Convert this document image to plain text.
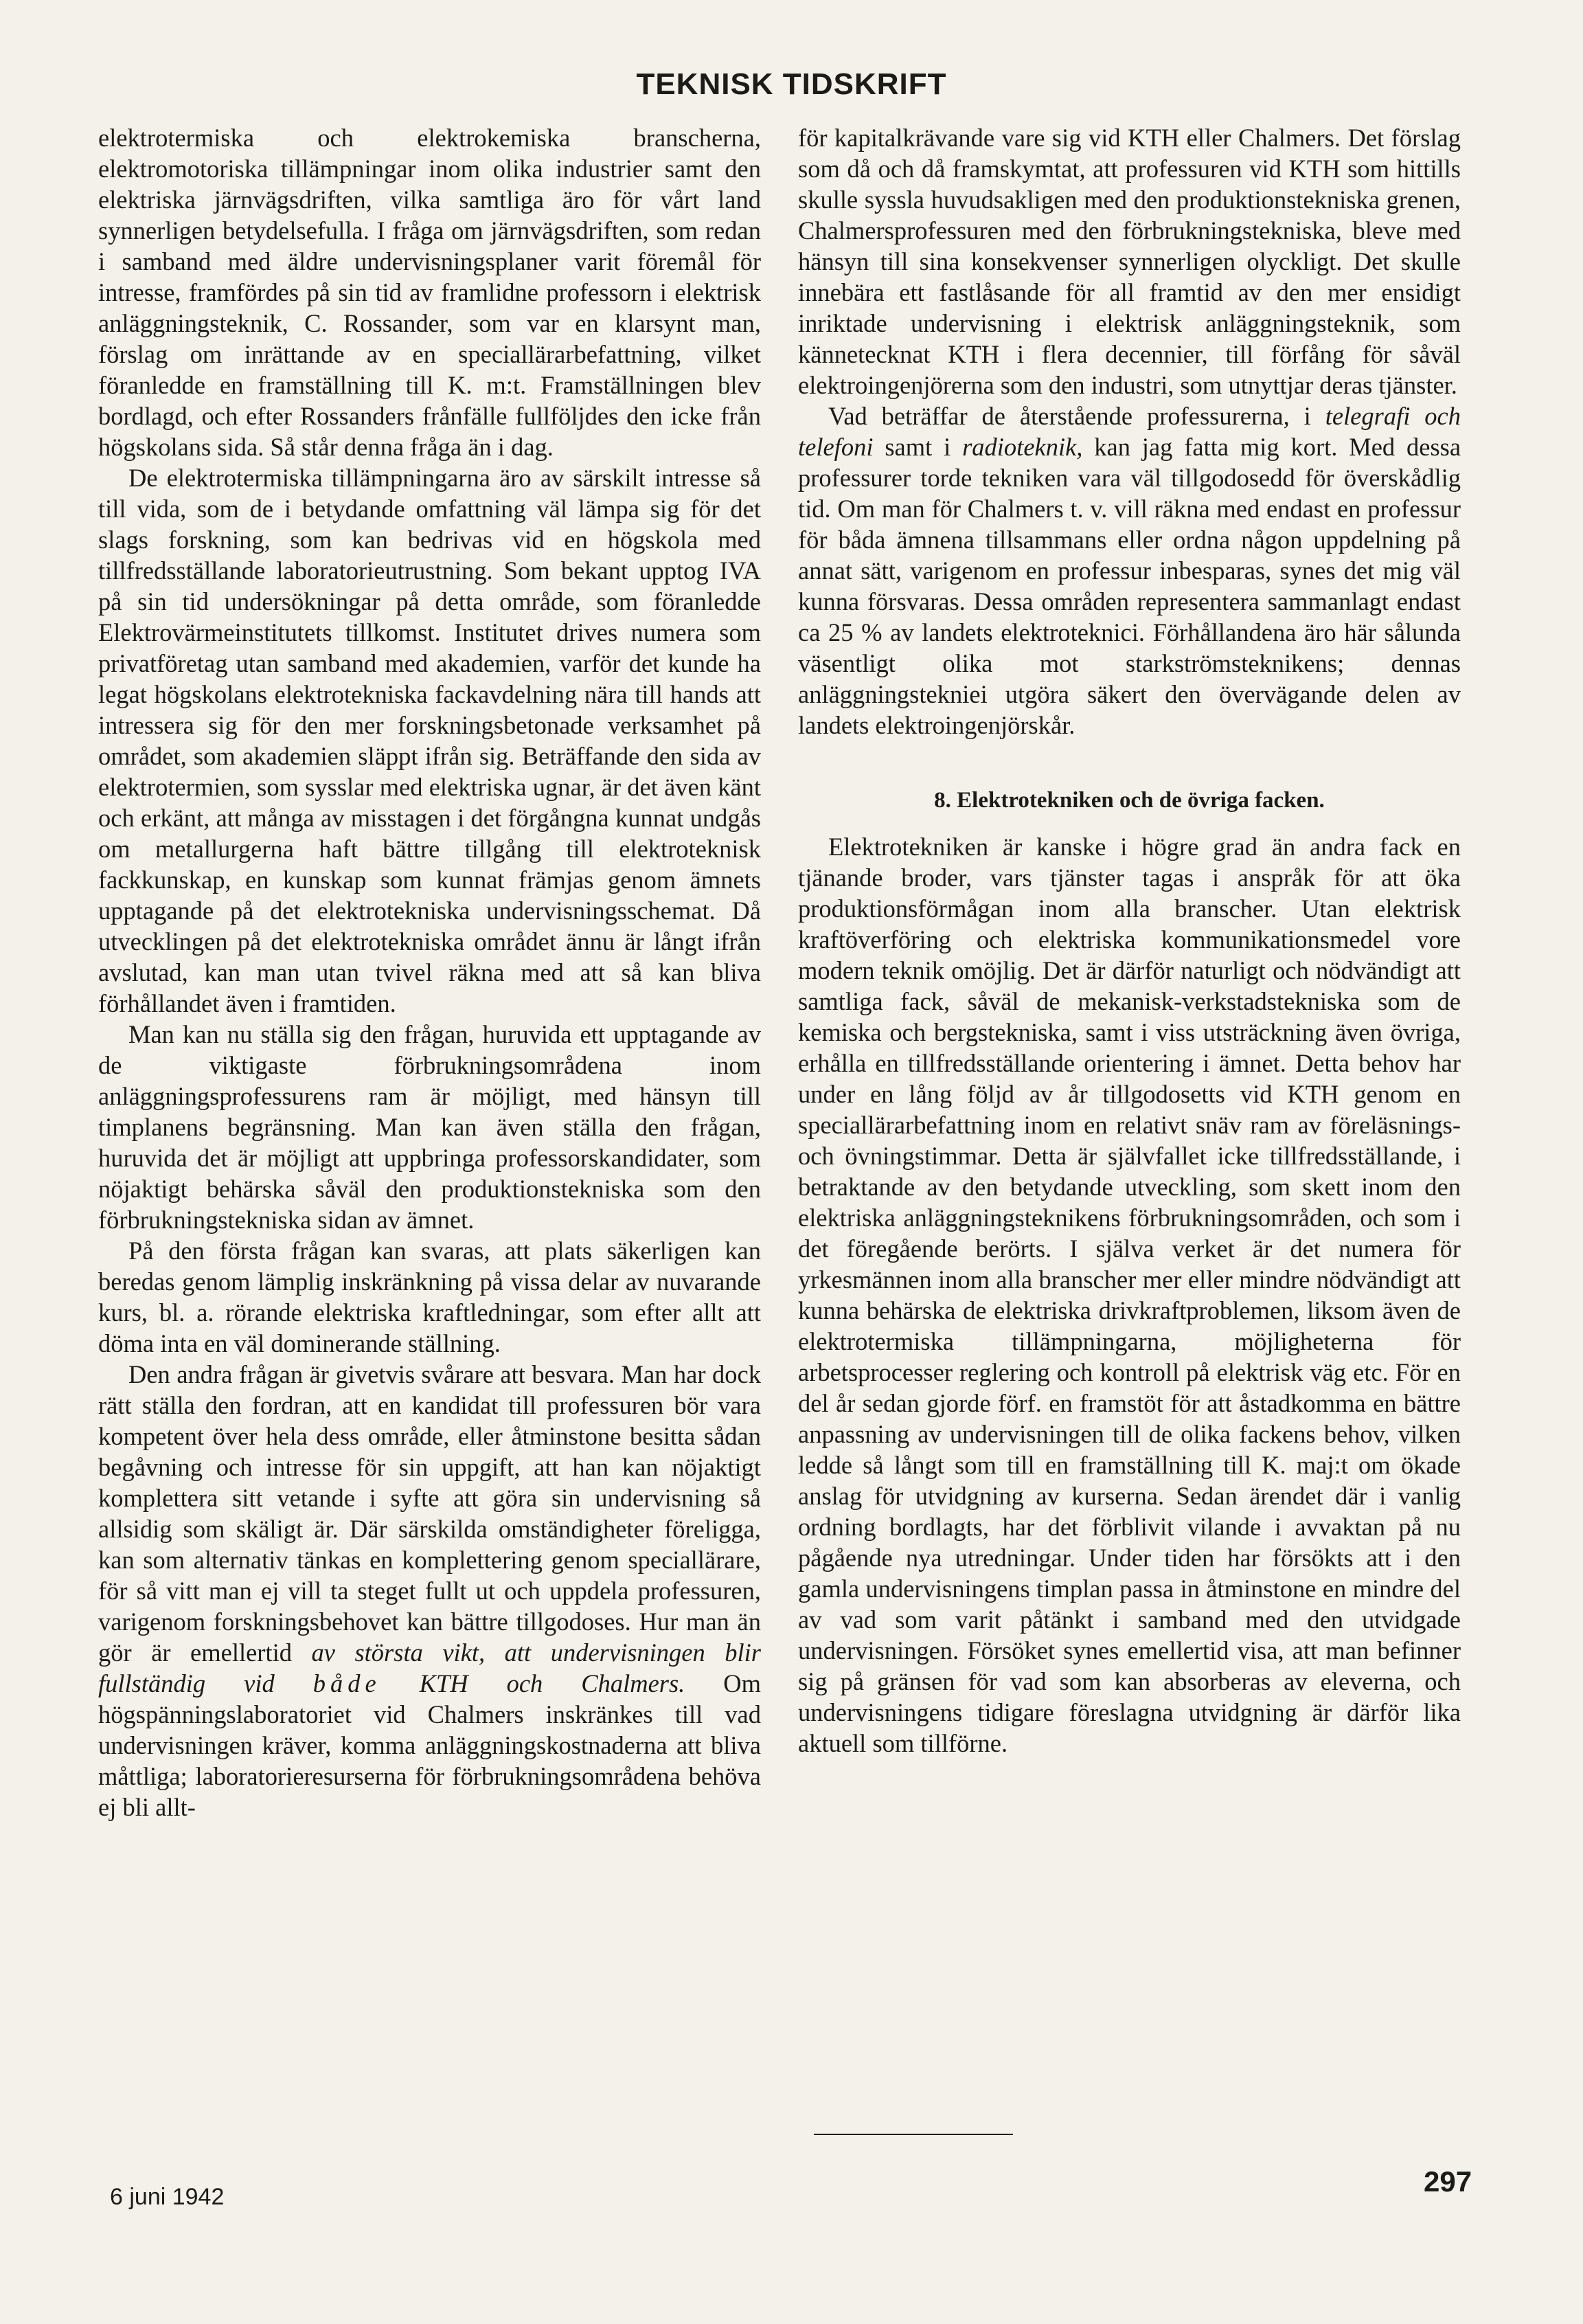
TEKNISK TIDSKRIFT

elektrotermiska och elektrokemiska branscherna, elektromotoriska tillämpningar inom olika industrier samt den elektriska järnvägsdriften, vilka samtliga äro för vårt land synnerligen betydelsefulla. I fråga om järnvägsdriften, som redan i samband med äldre undervisningsplaner varit föremål för intresse, framfördes på sin tid av framlidne professorn i elektrisk anläggningsteknik, C. Rossander, som var en klarsynt man, förslag om inrättande av en speciallärarbefattning, vilket föranledde en framställning till K. m:t. Framställningen blev bordlagd, och efter Rossanders frånfälle fullföljdes den icke från högskolans sida. Så står denna fråga än i dag.

De elektrotermiska tillämpningarna äro av särskilt intresse så till vida, som de i betydande omfattning väl lämpa sig för det slags forskning, som kan bedrivas vid en högskola med tillfredsställande laboratorieutrustning. Som bekant upptog IVA på sin tid undersökningar på detta område, som föranledde Elektrovärmeinstitutets tillkomst. Institutet drives numera som privatföretag utan samband med akademien, varför det kunde ha legat högskolans elektrotekniska fackavdelning nära till hands att intressera sig för den mer forskningsbetonade verksamhet på området, som akademien släppt ifrån sig. Beträffande den sida av elektrotermien, som sysslar med elektriska ugnar, är det även känt och erkänt, att många av misstagen i det förgångna kunnat undgås om metallurgerna haft bättre tillgång till elektroteknisk fackkunskap, en kunskap som kunnat främjas genom ämnets upptagande på det elektrotekniska undervisningsschemat. Då utvecklingen på det elektrotekniska området ännu är långt ifrån avslutad, kan man utan tvivel räkna med att så kan bliva förhållandet även i framtiden.

Man kan nu ställa sig den frågan, huruvida ett upptagande av de viktigaste förbrukningsområdena inom anläggningsprofessurens ram är möjligt, med hänsyn till timplanens begränsning. Man kan även ställa den frågan, huruvida det är möjligt att uppbringa professorskandidater, som nöjaktigt behärska såväl den produktionstekniska som den förbrukningstekniska sidan av ämnet.

På den första frågan kan svaras, att plats säkerligen kan beredas genom lämplig inskränkning på vissa delar av nuvarande kurs, bl. a. rörande elektriska kraftledningar, som efter allt att döma inta en väl dominerande ställning.

Den andra frågan är givetvis svårare att besvara. Man har dock rätt ställa den fordran, att en kandidat till professuren bör vara kompetent över hela dess område, eller åtminstone besitta sådan begåvning och intresse för sin uppgift, att han kan nöjaktigt komplettera sitt vetande i syfte att göra sin undervisning så allsidig som skäligt är. Där särskilda omständigheter föreligga, kan som alternativ tänkas en komplettering genom speciallärare, för så vitt man ej vill ta steget fullt ut och uppdela professuren, varigenom forskningsbehovet kan bättre tillgodoses. Hur man än gör är emellertid av största vikt, att undervisningen blir fullständig vid både KTH och Chalmers. Om högspänningslaboratoriet vid Chalmers inskränkes till vad undervisningen kräver, komma anläggningskostnaderna att bliva måttliga; laboratorieresurserna för förbrukningsområdena behöva ej bli allt-

för kapitalkrävande vare sig vid KTH eller Chalmers. Det förslag som då och då framskymtat, att professuren vid KTH som hittills skulle syssla huvudsakligen med den produktionstekniska grenen, Chalmersprofessuren med den förbrukningstekniska, bleve med hänsyn till sina konsekvenser synnerligen olyckligt. Det skulle innebära ett fastlåsande för all framtid av den mer ensidigt inriktade undervisning i elektrisk anläggningsteknik, som kännetecknat KTH i flera decennier, till förfång för såväl elektroingenjörerna som den industri, som utnyttjar deras tjänster.

Vad beträffar de återstående professurerna, i telegrafi och telefoni samt i radioteknik, kan jag fatta mig kort. Med dessa professurer torde tekniken vara väl tillgodosedd för överskådlig tid. Om man för Chalmers t. v. vill räkna med endast en professur för båda ämnena tillsammans eller ordna någon uppdelning på annat sätt, varigenom en professur inbesparas, synes det mig väl kunna försvaras. Dessa områden representera sammanlagt endast ca 25 % av landets elektroteknici. Förhållandena äro här sålunda väsentligt olika mot starkströmsteknikens; dennas anläggningstekniei utgöra säkert den övervägande delen av landets elektroingenjörskår.

8. Elektrotekniken och de övriga facken.

Elektrotekniken är kanske i högre grad än andra fack en tjänande broder, vars tjänster tagas i anspråk för att öka produktionsförmågan inom alla branscher. Utan elektrisk kraftöverföring och elektriska kommunikationsmedel vore modern teknik omöjlig. Det är därför naturligt och nödvändigt att samtliga fack, såväl de mekanisk-verkstadstekniska som de kemiska och bergstekniska, samt i viss utsträckning även övriga, erhålla en tillfredsställande orientering i ämnet. Detta behov har under en lång följd av år tillgodosetts vid KTH genom en speciallärarbefattning inom en relativt snäv ram av föreläsnings- och övningstimmar. Detta är självfallet icke tillfredsställande, i betraktande av den betydande utveckling, som skett inom den elektriska anläggningsteknikens förbrukningsområden, och som i det föregående berörts. I själva verket är det numera för yrkesmännen inom alla branscher mer eller mindre nödvändigt att kunna behärska de elektriska drivkraftproblemen, liksom även de elektrotermiska tillämpningarna, möjligheterna för arbetsprocesser reglering och kontroll på elektrisk väg etc. För en del år sedan gjorde förf. en framstöt för att åstadkomma en bättre anpassning av undervisningen till de olika fackens behov, vilken ledde så långt som till en framställning till K. maj:t om ökade anslag för utvidgning av kurserna. Sedan ärendet där i vanlig ordning bordlagts, har det förblivit vilande i avvaktan på nu pågående nya utredningar. Under tiden har försökts att i den gamla undervisningens timplan passa in åtminstone en mindre del av vad som varit påtänkt i samband med den utvidgade undervisningen. Försöket synes emellertid visa, att man befinner sig på gränsen för vad som kan absorberas av eleverna, och undervisningens tidigare föreslagna utvidgning är därför lika aktuell som tillförne.

6 juni 1942	297
